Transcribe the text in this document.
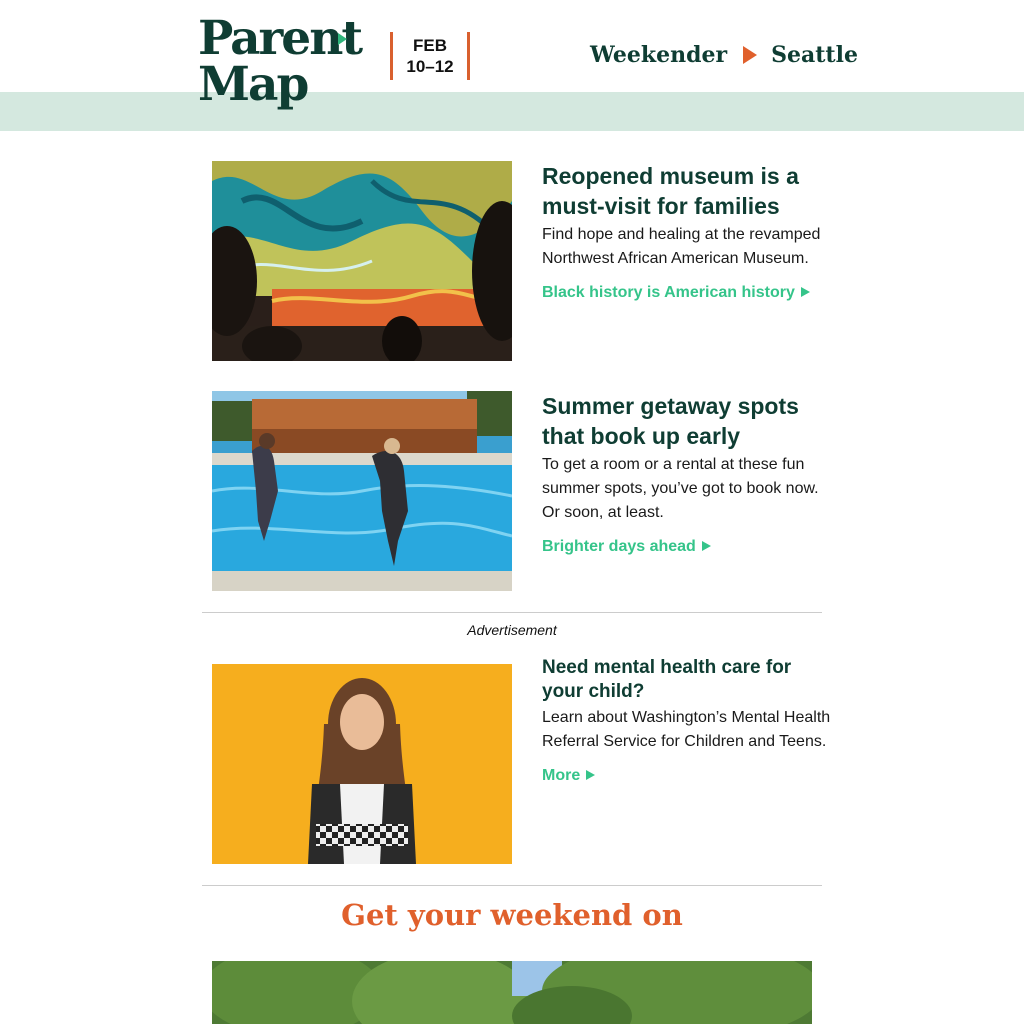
Parent
Map
FEB
10–12	Weekender Seattle
Reopened museum is a must-visit for families

Find hope and healing at the revamped Northwest African American Museum.

Black history is American history
Summer getaway spots that book up early

To get a room or a rental at these fun summer spots, you’ve got to book now. Or soon, at least.

Brighter days ahead
Advertisement
Need mental health care for your child?

Learn about Washington’s Mental Health Referral Service for Children and Teens.

More
Get your weekend on
